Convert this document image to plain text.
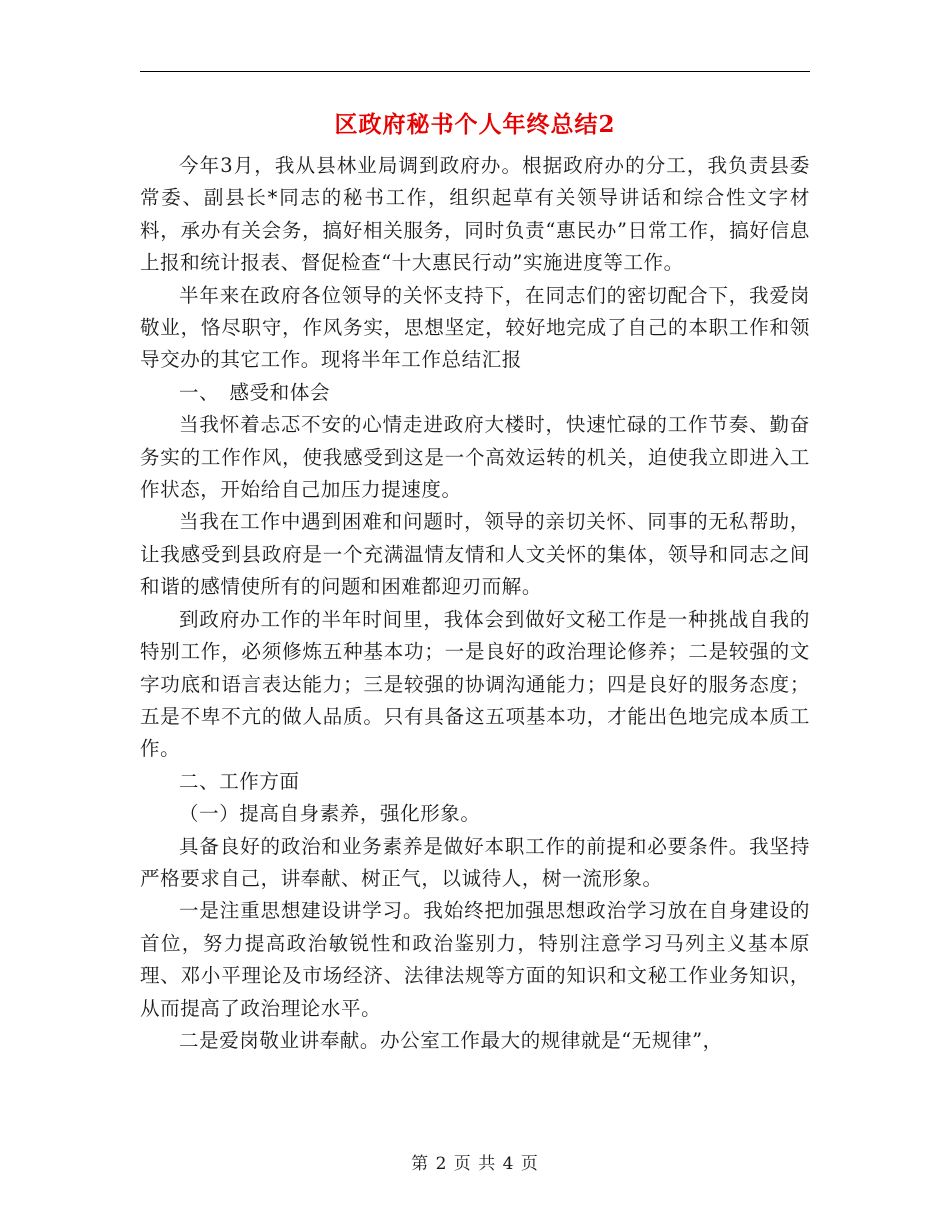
区政府秘书个人年终总结2

今年3月，我从县林业局调到政府办。根据政府办的分工，我负责县委常委、副县长*同志的秘书工作，组织起草有关领导讲话和综合性文字材料，承办有关会务，搞好相关服务，同时负责“惠民办”日常工作，搞好信息上报和统计报表、督促检查“十大惠民行动”实施进度等工作。

半年来在政府各位领导的关怀支持下，在同志们的密切配合下，我爱岗敬业，恪尽职守，作风务实，思想坚定，较好地完成了自己的本职工作和领导交办的其它工作。现将半年工作总结汇报

一、　感受和体会

当我怀着忐忑不安的心情走进政府大楼时，快速忙碌的工作节奏、勤奋务实的工作作风，使我感受到这是一个高效运转的机关，迫使我立即进入工作状态，开始给自己加压力提速度。

当我在工作中遇到困难和问题时，领导的亲切关怀、同事的无私帮助，让我感受到县政府是一个充满温情友情和人文关怀的集体，领导和同志之间和谐的感情使所有的问题和困难都迎刃而解。

到政府办工作的半年时间里，我体会到做好文秘工作是一种挑战自我的特别工作，必须修炼五种基本功；一是良好的政治理论修养；二是较强的文字功底和语言表达能力；三是较强的协调沟通能力；四是良好的服务态度；五是不卑不亢的做人品质。只有具备这五项基本功，才能出色地完成本质工作。

二、工作方面

（一）提高自身素养，强化形象。

具备良好的政治和业务素养是做好本职工作的前提和必要条件。我坚持严格要求自己，讲奉献、树正气，以诚待人，树一流形象。

一是注重思想建设讲学习。我始终把加强思想政治学习放在自身建设的首位，努力提高政治敏锐性和政治鉴别力，特别注意学习马列主义基本原理、邓小平理论及市场经济、法律法规等方面的知识和文秘工作业务知识，从而提高了政治理论水平。

二是爱岗敬业讲奉献。办公室工作最大的规律就是“无规律”，

第 2 页 共 4 页
